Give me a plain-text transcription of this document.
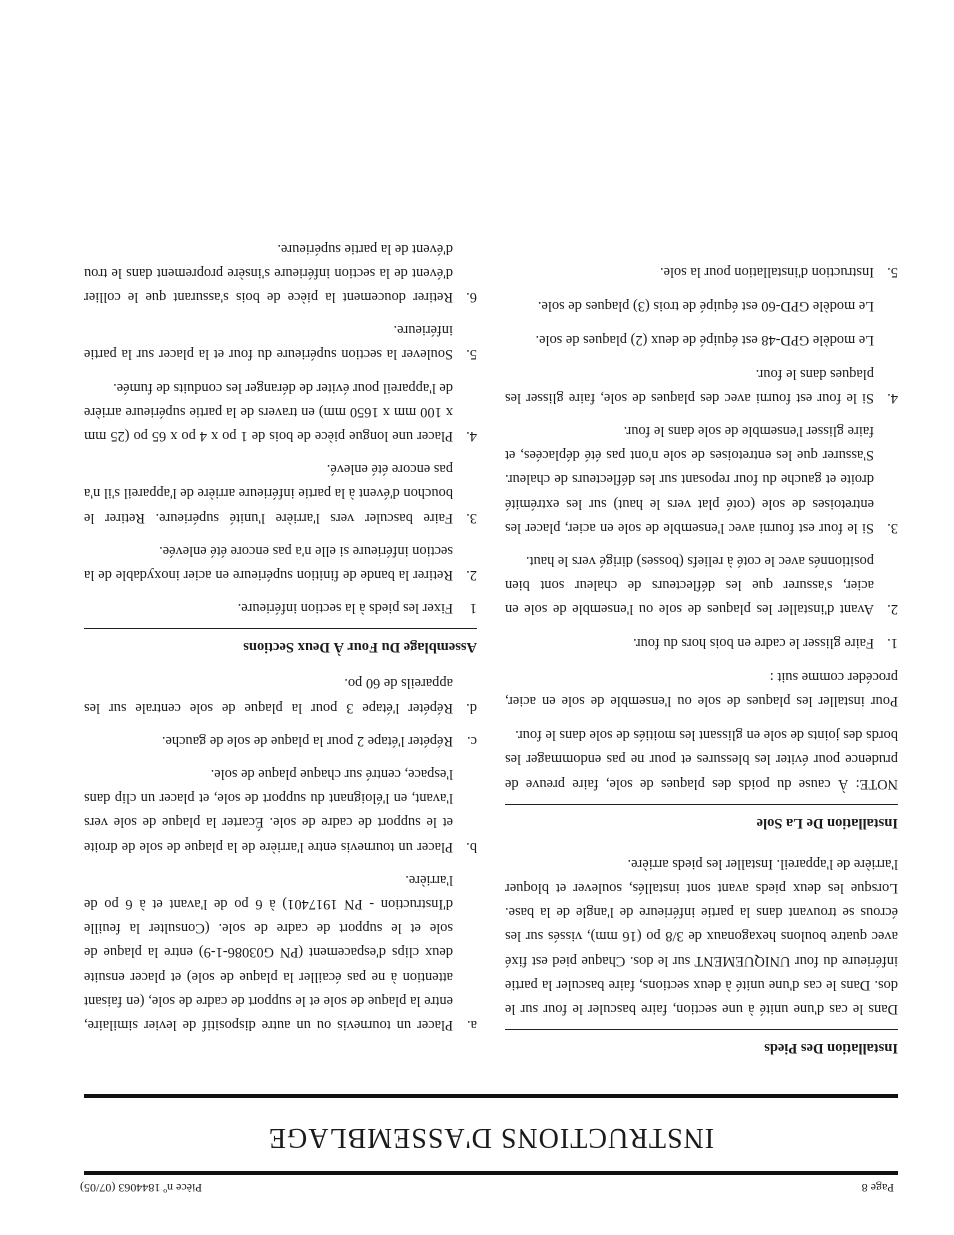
Page 8
Pièce nº 1844063 (07/05)
INSTRUCTIONS D'ASSEMBLAGE
Installation Des Pieds

Dans le cas d'une unité à une section, faire basculer le four sur le dos. Dans le cas d'une unité à deux sections, faire basculer la partie inférieure du four UNIQUEMENT sur le dos. Chaque pied est fixé avec quatre boulons hexagonaux de 3/8 po (16 mm), vissés sur les écrous se trouvant dans la partie inférieure de l'angle de la base. Lorsque les deux pieds avant sont installés, soulever et bloquer l'arrière de l'appareil. Installer les pieds arrière.

Installation De La Sole

NOTE: À cause du poids des plaques de sole, faire preuve de prudence pour éviter les blessures et pour ne pas endommager les bords des joints de sole en glissant les moitiés de sole dans le four.

Pour installer les plaques de sole ou l'ensemble de sole en acier, procéder comme suit :

1.
Faire glisser le cadre en bois hors du four.
2.
Avant d'installer les plaques de sole ou l'ensemble de sole en acier, s'assurer que les déflecteurs de chaleur sont bien positionnés avec le coté à reliefs (bosses) dirigé vers le haut.
3.
Si le four est fourni avec l'ensemble de sole en acier, placer les entretoises de sole (coté plat vers le haut) sur les extrémité droite et gauche du four reposant sur les déflecteurs de chaleur. S'assurer que les entretoises de sole n'ont pas été déplacées, et faire glisser l'ensemble de sole dans le four.
4.
Si le four est fourni avec des plaques de sole, faire glisser les plaques dans le four.

Le modèle GPD-48 est équipé de deux (2) plaques de sole.

Le modèle GPD-60 est équipé de trois (3) plaques de sole.

5.
Instruction d'installation pour la sole.
a.
Placer un tournevis ou un autre dispositif de levier similaire, entre la plaque de sole et le support de cadre de sole, (en faisant attention à ne pas écailler la plaque de sole) et placer ensuite deux clips d'espacement (PN G03086-1-9) entre la plaque de sole et le support de cadre de sole. (Consulter la feuille d'Instruction - PN 1917401) à 6 po de l'avant et à 6 po de l'arrière.
b.
Placer un tournevis entre l'arrière de la plaque de sole de droite et le support de cadre de sole. Écarter la plaque de sole vers l'avant, en l'éloignant du support de sole, et placer un clip dans l'espace, centré sur chaque plaque de sole.
c.
Répéter l'étape 2 pour la plaque de sole de gauche.
d.
Répéter l'étape 3 pour la plaque de sole centrale sur les appareils de 60 po.
Assemblage Du Four À Deux Sections
1
Fixer les pieds à la section inférieure.
2.
Retirer la bande de finition supérieure en acier inoxydable de la section inférieure si elle n'a pas encore été enlevée.
3.
Faire basculer vers l'arrière l'unité supérieure. Retirer le bouchon d'évent à la partie inférieure arrière de l'appareil s'il n'a pas encore été enlevé.
4.
Placer une longue pièce de bois de 1 po x 4 po x 65 po (25 mm x 100 mm x 1650 mm) en travers de la partie supérieure arrière de l'appareil pour éviter de déranger les conduits de fumée.
5.
Soulever la section supérieure du four et la placer sur la partie inférieure.
6.
Retirer doucement la pièce de bois s'assurant que le collier d'évent de la section inférieure s'insère proprement dans le trou d'évent de la partie supérieure.
